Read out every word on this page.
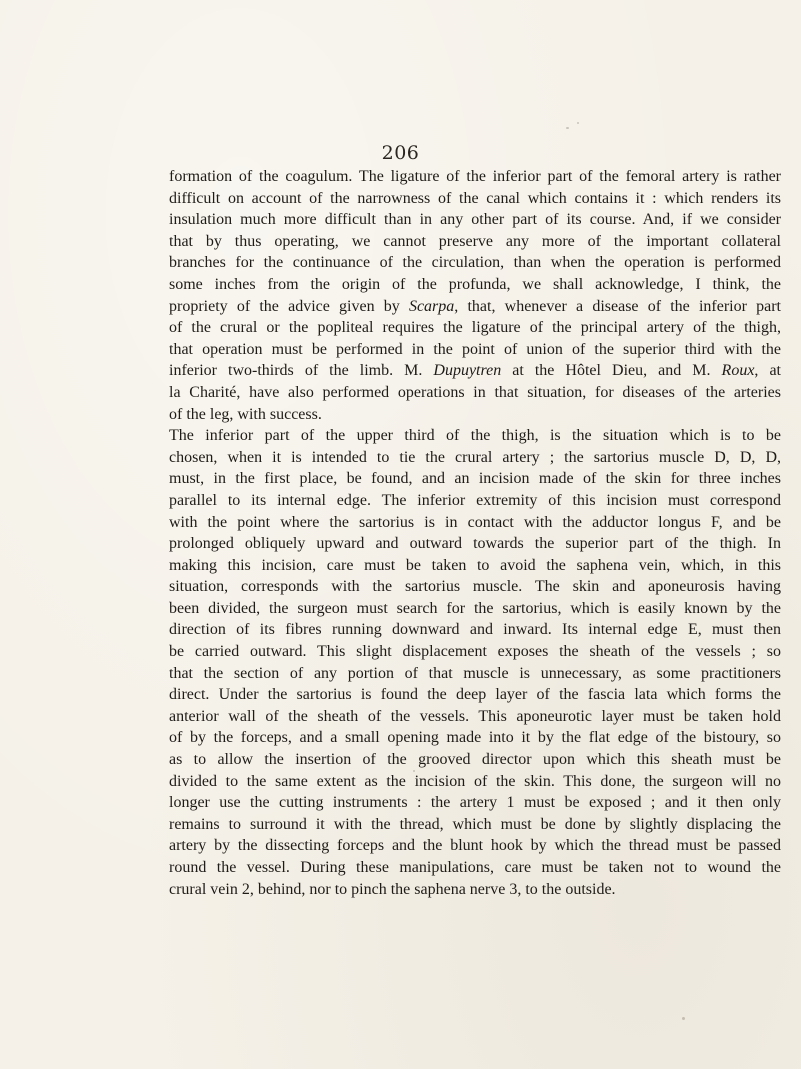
206

formation of the coagulum. The ligature of the inferior part of the femoral artery is rather
difficult on account of the narrowness of the canal which contains it : which renders its
insulation much more difficult than in any other part of its course. And, if we consider
that by thus operating, we cannot preserve any more of the important collateral
branches for the continuance of the circulation, than when the operation is performed
some inches from the origin of the profunda, we shall acknowledge, I think, the
propriety of the advice given by Scarpa, that, whenever a disease of the inferior part
of the crural or the popliteal requires the ligature of the principal artery of the thigh,
that operation must be performed in the point of union of the superior third with the
inferior two-thirds of the limb. M. Dupuytren at the Hôtel Dieu, and M. Roux, at
la Charité, have also performed operations in that situation, for diseases of the arteries
of the leg, with success.

The inferior part of the upper third of the thigh, is the situation which is to be
chosen, when it is intended to tie the crural artery ; the sartorius muscle D, D, D,
must, in the first place, be found, and an incision made of the skin for three inches
parallel to its internal edge. The inferior extremity of this incision must correspond
with the point where the sartorius is in contact with the adductor longus F, and be
prolonged obliquely upward and outward towards the superior part of the thigh. In
making this incision, care must be taken to avoid the saphena vein, which, in this
situation, corresponds with the sartorius muscle. The skin and aponeurosis having
been divided, the surgeon must search for the sartorius, which is easily known by the
direction of its fibres running downward and inward. Its internal edge E, must then
be carried outward. This slight displacement exposes the sheath of the vessels ; so
that the section of any portion of that muscle is unnecessary, as some practitioners
direct. Under the sartorius is found the deep layer of the fascia lata which forms the
anterior wall of the sheath of the vessels. This aponeurotic layer must be taken hold
of by the forceps, and a small opening made into it by the flat edge of the bistoury, so
as to allow the insertion of the grooved director upon which this sheath must be
divided to the same extent as the incision of the skin. This done, the surgeon will no
longer use the cutting instruments : the artery 1 must be exposed ; and it then only
remains to surround it with the thread, which must be done by slightly displacing the
artery by the dissecting forceps and the blunt hook by which the thread must be passed
round the vessel. During these manipulations, care must be taken not to wound the
crural vein 2, behind, nor to pinch the saphena nerve 3, to the outside.
